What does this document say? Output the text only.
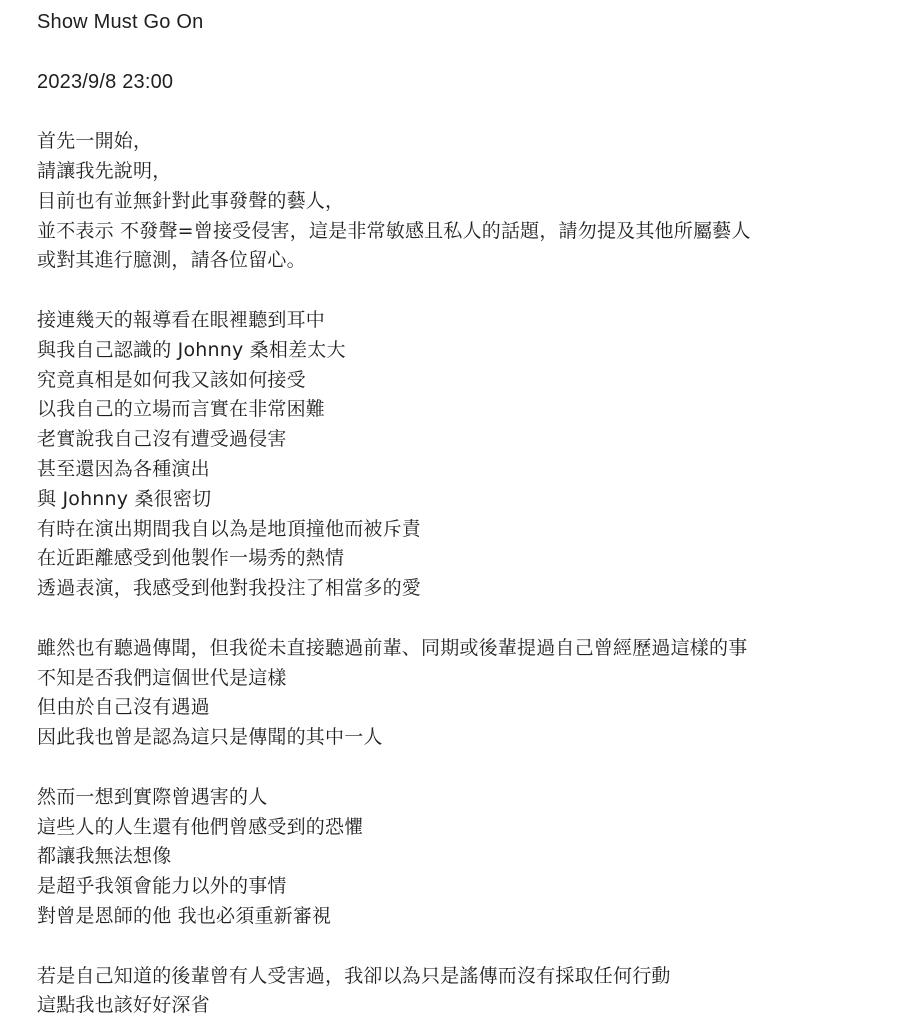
Show Must Go On
2023/9/8 23:00
首先一開始，
請讓我先說明，
目前也有並無針對此事發聲的藝人，
並不表示 不發聲=曾接受侵害，這是非常敏感且私人的話題，請勿提及其他所屬藝人
或對其進行臆測，請各位留心。
接連幾天的報導看在眼裡聽到耳中
與我自己認識的 Johnny 桑相差太大
究竟真相是如何我又該如何接受
以我自己的立場而言實在非常困難
老實說我自己沒有遭受過侵害
甚至還因為各種演出
與 Johnny 桑很密切
有時在演出期間我自以為是地頂撞他而被斥責
在近距離感受到他製作一場秀的熱情
透過表演，我感受到他對我投注了相當多的愛
雖然也有聽過傳聞，但我從未直接聽過前輩、同期或後輩提過自己曾經歷過這樣的事
不知是否我們這個世代是這樣
但由於自己沒有遇過
因此我也曾是認為這只是傳聞的其中一人
然而一想到實際曾遇害的人
這些人的人生還有他們曾感受到的恐懼
都讓我無法想像
是超乎我領會能力以外的事情
對曾是恩師的他 我也必須重新審視
若是自己知道的後輩曾有人受害過，我卻以為只是謠傳而沒有採取任何行動
這點我也該好好深省
